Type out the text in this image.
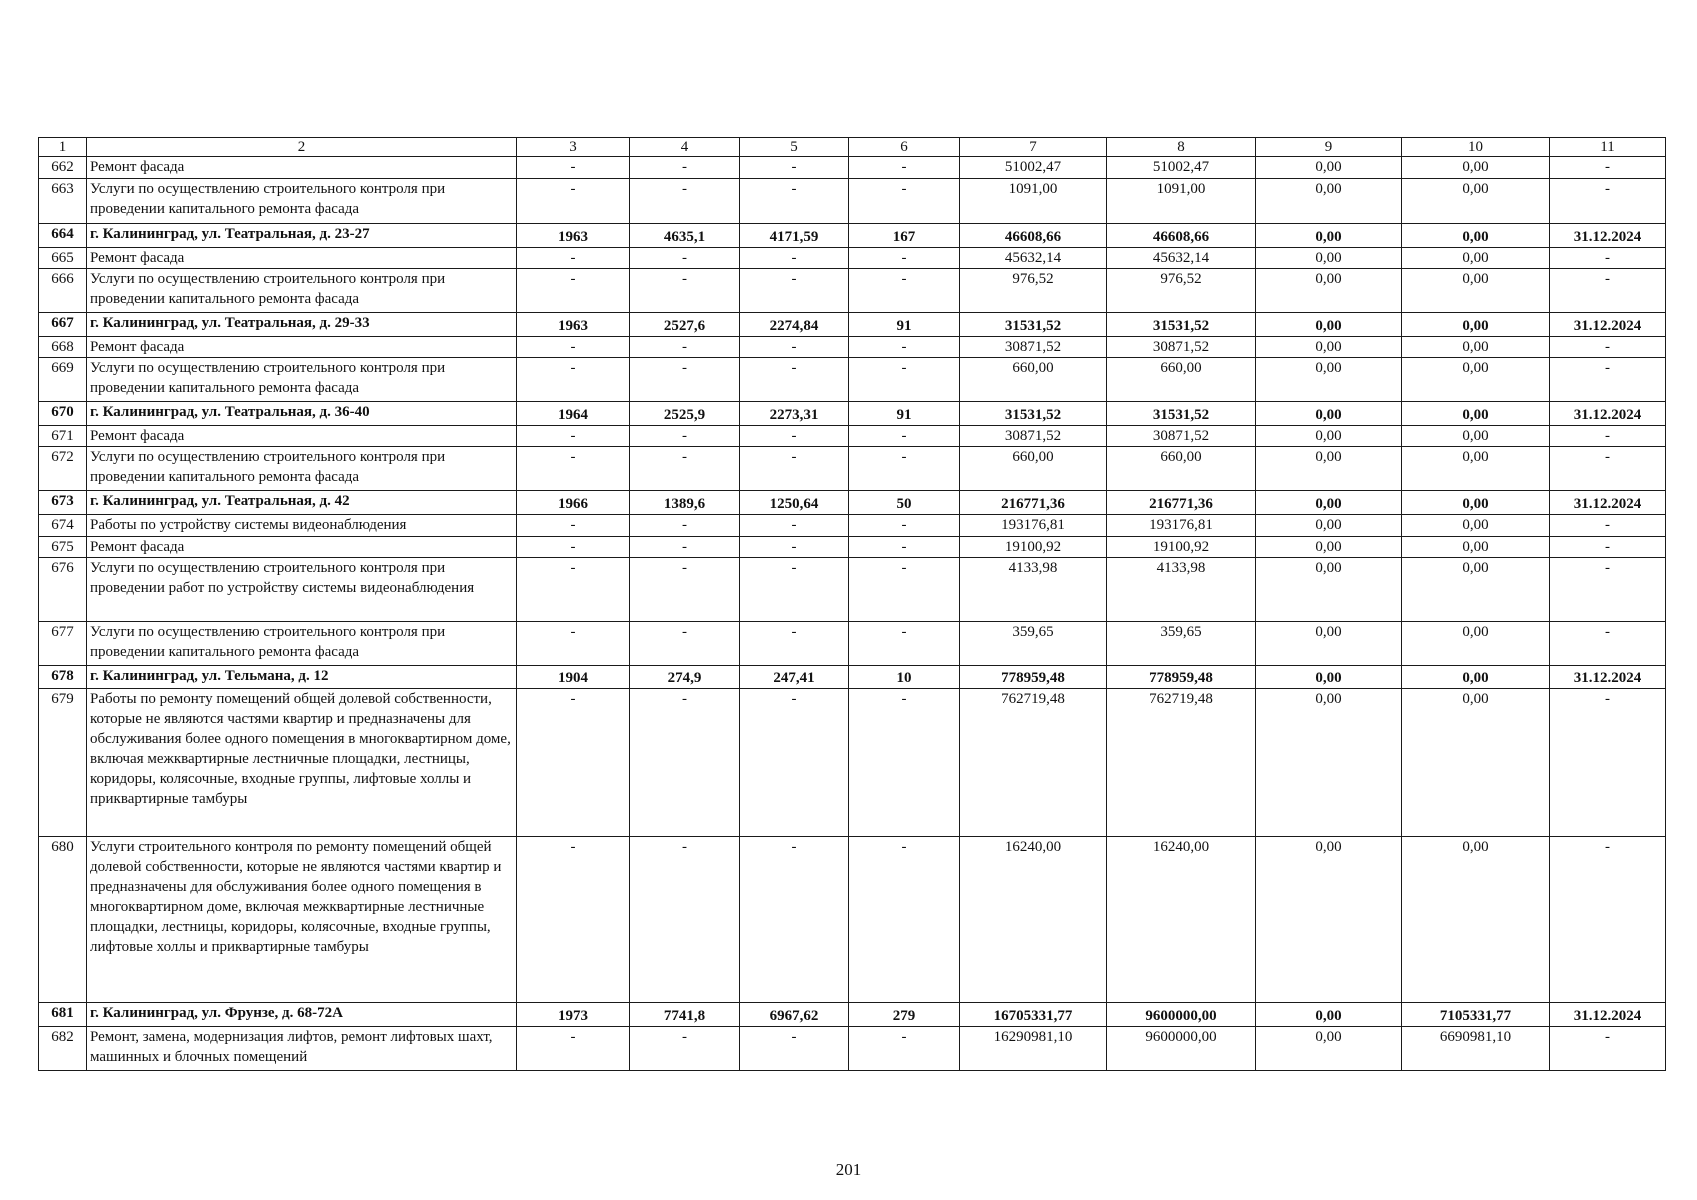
1	2	3	4	5	6	7	8	9	10	11
662	Ремонт фасада	-	-	-	-	51002,47	51002,47	0,00	0,00	-
663	Услуги по осуществлению строительного контроля при проведении капитального ремонта фасада	-	-	-	-	1091,00	1091,00	0,00	0,00	-
664	г. Калининград, ул. Театральная, д. 23-27	1963	4635,1	4171,59	167	46608,66	46608,66	0,00	0,00	31.12.2024
665	Ремонт фасада	-	-	-	-	45632,14	45632,14	0,00	0,00	-
666	Услуги по осуществлению строительного контроля при проведении капитального ремонта фасада	-	-	-	-	976,52	976,52	0,00	0,00	-
667	г. Калининград, ул. Театральная, д. 29-33	1963	2527,6	2274,84	91	31531,52	31531,52	0,00	0,00	31.12.2024
668	Ремонт фасада	-	-	-	-	30871,52	30871,52	0,00	0,00	-
669	Услуги по осуществлению строительного контроля при проведении капитального ремонта фасада	-	-	-	-	660,00	660,00	0,00	0,00	-
670	г. Калининград, ул. Театральная, д. 36-40	1964	2525,9	2273,31	91	31531,52	31531,52	0,00	0,00	31.12.2024
671	Ремонт фасада	-	-	-	-	30871,52	30871,52	0,00	0,00	-
672	Услуги по осуществлению строительного контроля при проведении капитального ремонта фасада	-	-	-	-	660,00	660,00	0,00	0,00	-
673	г. Калининград, ул. Театральная, д. 42	1966	1389,6	1250,64	50	216771,36	216771,36	0,00	0,00	31.12.2024
674	Работы по устройству системы видеонаблюдения	-	-	-	-	193176,81	193176,81	0,00	0,00	-
675	Ремонт фасада	-	-	-	-	19100,92	19100,92	0,00	0,00	-
676	Услуги по осуществлению строительного контроля при проведении работ по устройству системы видеонаблюдения	-	-	-	-	4133,98	4133,98	0,00	0,00	-
677	Услуги по осуществлению строительного контроля при проведении капитального ремонта фасада	-	-	-	-	359,65	359,65	0,00	0,00	-
678	г. Калининград, ул. Тельмана, д. 12	1904	274,9	247,41	10	778959,48	778959,48	0,00	0,00	31.12.2024
679	Работы по ремонту помещений общей долевой собственности, которые не являются частями квартир и предназначены для обслуживания более одного помещения в многоквартирном доме, включая межквартирные лестничные площадки, лестницы, коридоры, колясочные, входные группы, лифтовые холлы и приквартирные тамбуры	-	-	-	-	762719,48	762719,48	0,00	0,00	-
680	Услуги строительного контроля по ремонту помещений общей долевой собственности, которые не являются частями квартир и предназначены для обслуживания более одного помещения в многоквартирном доме, включая межквартирные лестничные площадки, лестницы, коридоры, колясочные, входные группы, лифтовые холлы и приквартирные тамбуры	-	-	-	-	16240,00	16240,00	0,00	0,00	-
681	г. Калининград, ул. Фрунзе, д. 68-72А	1973	7741,8	6967,62	279	16705331,77	9600000,00	0,00	7105331,77	31.12.2024
682	Ремонт, замена, модернизация лифтов, ремонт лифтовых шахт, машинных и блочных помещений	-	-	-	-	16290981,10	9600000,00	0,00	6690981,10	-
201
